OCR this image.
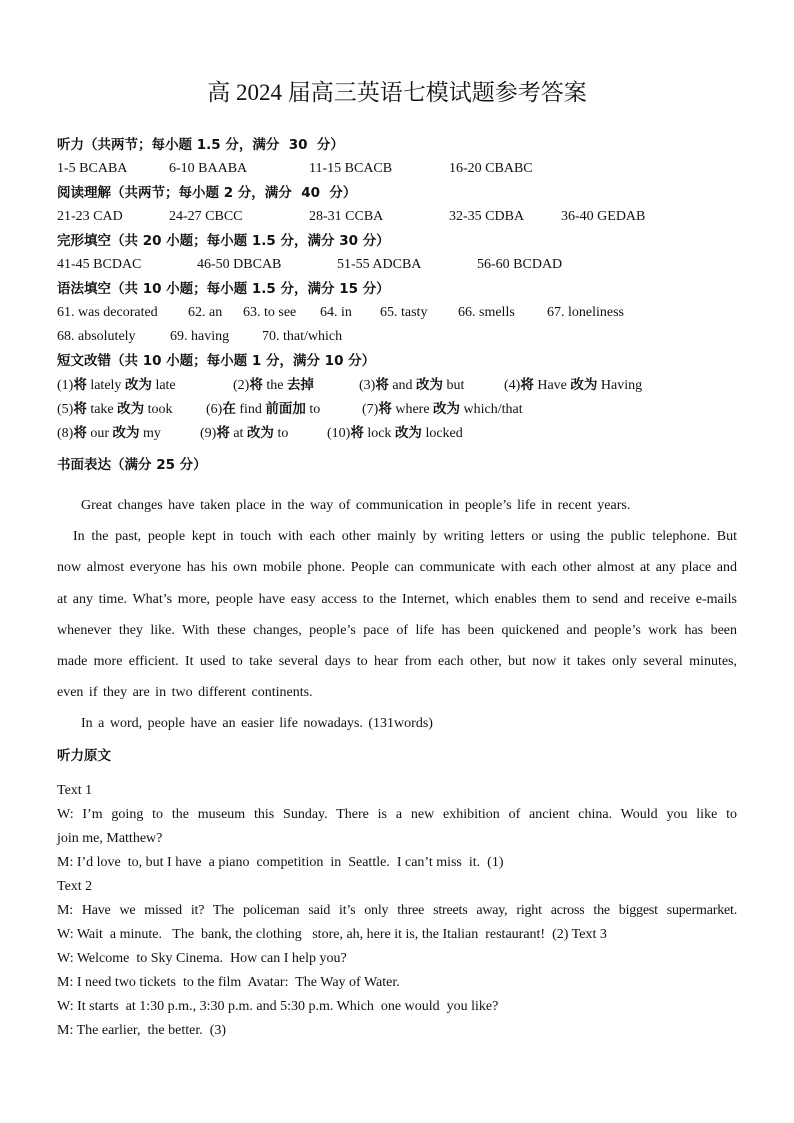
高 2024 届高三英语七模试题参考答案
听力（共两节；每小题 1.5 分，满分  30  分）
1-5 BCABA	6-10 BAABA	11-15 BCACB	16-20 CBABC
阅读理解（共两节；每小题 2 分，满分  40  分）
21-23 CAD	24-27 CBCC	28-31 CCBA	32-35 CDBA	36-40 GEDAB
完形填空（共 20 小题；每小题 1.5 分，满分 30 分）
41-45 BCDAC	46-50 DBCAB	51-55 ADCBA	56-60 BCDAD
语法填空（共 10 小题；每小题 1.5 分，满分 15 分）
61. was decorated 62. an 63. to see 64. in 65. tasty 66. smells 67. loneliness
68. absolutely 69. having 70. that/which
短文改错（共 10 小题；每小题 1 分，满分 10 分）
(1)将 lately 改为 late	(2)将 the 去掉	(3)将 and 改为 but	(4)将 Have 改为 Having
(5)将 take 改为 took (6)在 find 前面加 to	(7)将 where 改为 which/that
(8)将 our 改为 my	(9)将 at 改为 to	(10)将 lock 改为 locked
书面表达（满分 25 分）

Great changes have taken place in the way of communication in people’s life in recent years.

In the past, people kept in touch with each other mainly by writing letters or using the public telephone. But now almost everyone has his own mobile phone. People can communicate with each other almost at any place and at any time. What’s more, people have easy access to the Internet, which enables them to send and receive e-mails whenever they like. With these changes, people’s pace of life has been quickened and people’s work has been made more efficient. It used to take several days to hear from each other, but now it takes only several minutes, even if they are in two different continents.

In a word, people have an easier life nowadays. (131words)

听力原文
Text 1
W: I’m going to the museum this Sunday. There is a new exhibition of ancient china. Would you like to
join me, Matthew?
M: I’d love  to, but I have  a piano  competition  in  Seattle.  I can’t miss  it.  (1)
Text 2
M: Have we missed it? The policeman said it’s only three streets away, right across the biggest supermarket.
W: Wait  a minute.   The  bank, the clothing   store, ah, here it is, the Italian  restaurant!  (2) Text 3
W: Welcome  to Sky Cinema.  How can I help you?
M: I need two tickets  to the film  Avatar:  The Way of Water.
W: It starts  at 1:30 p.m., 3:30 p.m. and 5:30 p.m. Which  one would  you like?
M: The earlier,  the better.  (3)
